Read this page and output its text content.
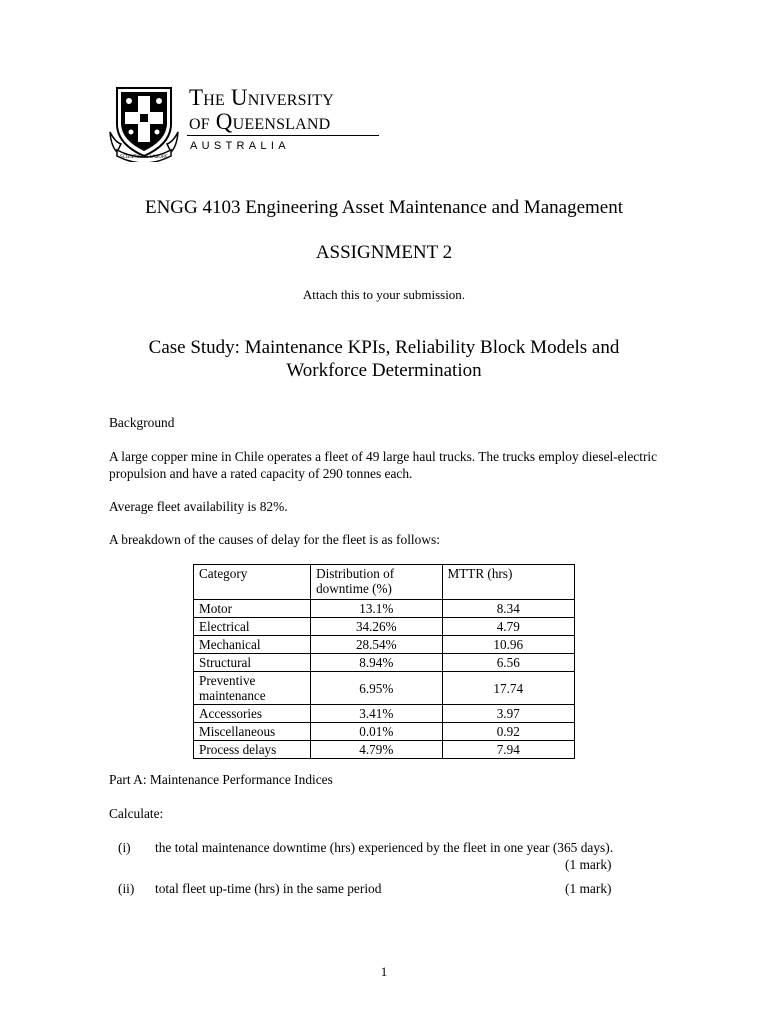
SCIENTIA AC LABORE
The University
of Queensland
AUSTRALIA
ENGG 4103 Engineering Asset Maintenance and Management
ASSIGNMENT 2
Attach this to your submission.
Case Study: Maintenance KPIs, Reliability Block Models and
Workforce Determination
Background
A large copper mine in Chile operates a fleet of 49 large haul trucks. The trucks employ diesel-electric propulsion and have a rated capacity of 290 tonnes each.
Average fleet availability is 82%.
A breakdown of the causes of delay for the fleet is as follows:
Category	Distribution of downtime (%)	MTTR (hrs)
Motor	13.1%	8.34
Electrical	34.26%	4.79
Mechanical	28.54%	10.96
Structural	8.94%	6.56
Preventive maintenance	6.95%	17.74
Accessories	3.41%	3.97
Miscellaneous	0.01%	0.92
Process delays	4.79%	7.94
Part A: Maintenance Performance Indices
Calculate:
(i) the total maintenance downtime (hrs) experienced by the fleet in one year (365 days).
(1 mark)
(ii) total fleet up-time (hrs) in the same period	(1 mark)
1
